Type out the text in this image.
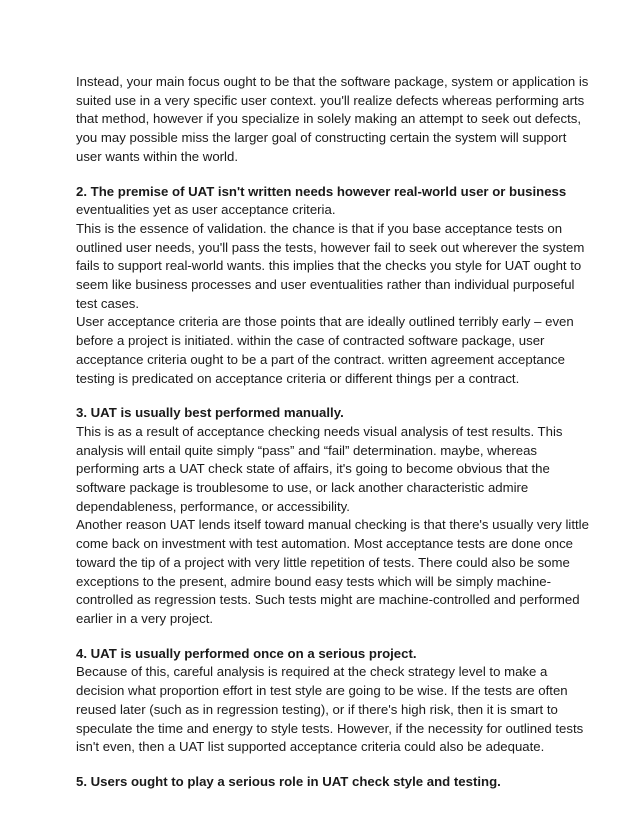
Instead, your main focus ought to be that the software package, system or application is
suited use in a very specific user context. you'll realize defects whereas performing arts
that method, however if you specialize in solely making an attempt to seek out defects,
you may possible miss the larger goal of constructing certain the system will support
user wants within the world.
2. The premise of UAT isn't written needs however real-world user or business
eventualities yet as user acceptance criteria.
This is the essence of validation. the chance is that if you base acceptance tests on
outlined user needs, you'll pass the tests, however fail to seek out wherever the system
fails to support real-world wants. this implies that the checks you style for UAT ought to
seem like business processes and user eventualities rather than individual purposeful
test cases.
User acceptance criteria are those points that are ideally outlined terribly early – even
before a project is initiated. within the case of contracted software package, user
acceptance criteria ought to be a part of the contract. written agreement acceptance
testing is predicated on acceptance criteria or different things per a contract.
3. UAT is usually best performed manually.
This is as a result of acceptance checking needs visual analysis of test results. This
analysis will entail quite simply “pass” and “fail” determination. maybe, whereas
performing arts a UAT check state of affairs, it's going to become obvious that the
software package is troublesome to use, or lack another characteristic admire
dependableness, performance, or accessibility.
Another reason UAT lends itself toward manual checking is that there's usually very little
come back on investment with test automation. Most acceptance tests are done once
toward the tip of a project with very little repetition of tests. There could also be some
exceptions to the present, admire bound easy tests which will be simply machine-
controlled as regression tests. Such tests might are machine-controlled and performed
earlier in a very project.
4. UAT is usually performed once on a serious project.
Because of this, careful analysis is required at the check strategy level to make a
decision what proportion effort in test style are going to be wise. If the tests are often
reused later (such as in regression testing), or if there's high risk, then it is smart to
speculate the time and energy to style tests. However, if the necessity for outlined tests
isn't even, then a UAT list supported acceptance criteria could also be adequate.
5. Users ought to play a serious role in UAT check style and testing.
